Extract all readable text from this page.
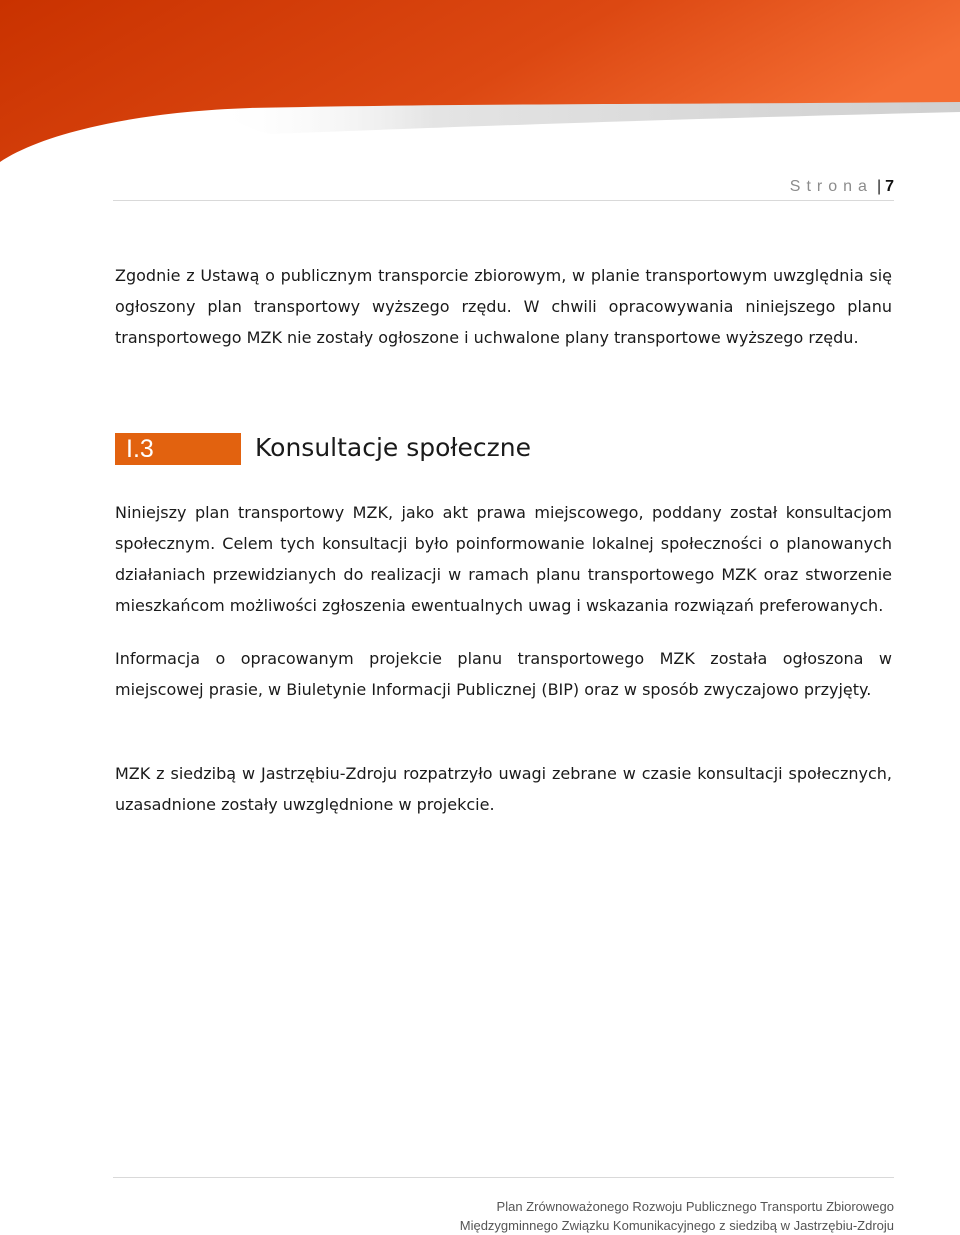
Strona | 7

Zgodnie z Ustawą o publicznym transporcie zbiorowym, w planie transportowym uwzględnia się ogłoszony plan transportowy wyższego rzędu. W chwili opracowywania niniejszego planu transportowego MZK nie zostały ogłoszone i uchwalone plany transportowe wyższego rzędu.

I.3	Konsultacje społeczne

Niniejszy plan transportowy MZK, jako akt prawa miejscowego, poddany został konsultacjom społecznym. Celem tych konsultacji było poinformowanie lokalnej społeczności o planowanych działaniach przewidzianych do realizacji w ramach planu transportowego MZK oraz stworzenie mieszkańcom możliwości zgłoszenia ewentualnych uwag i wskazania rozwiązań preferowanych.

Informacja o opracowanym projekcie planu transportowego MZK została ogłoszona w miejscowej prasie, w Biuletynie Informacji Publicznej (BIP) oraz w sposób zwyczajowo przyjęty.

MZK z siedzibą w Jastrzębiu-Zdroju rozpatrzyło uwagi zebrane w czasie konsultacji społecznych, uzasadnione zostały uwzględnione w projekcie.

Plan Zrównoważonego Rozwoju Publicznego Transportu Zbiorowego
Międzygminnego Związku Komunikacyjnego z siedzibą w Jastrzębiu-Zdroju
